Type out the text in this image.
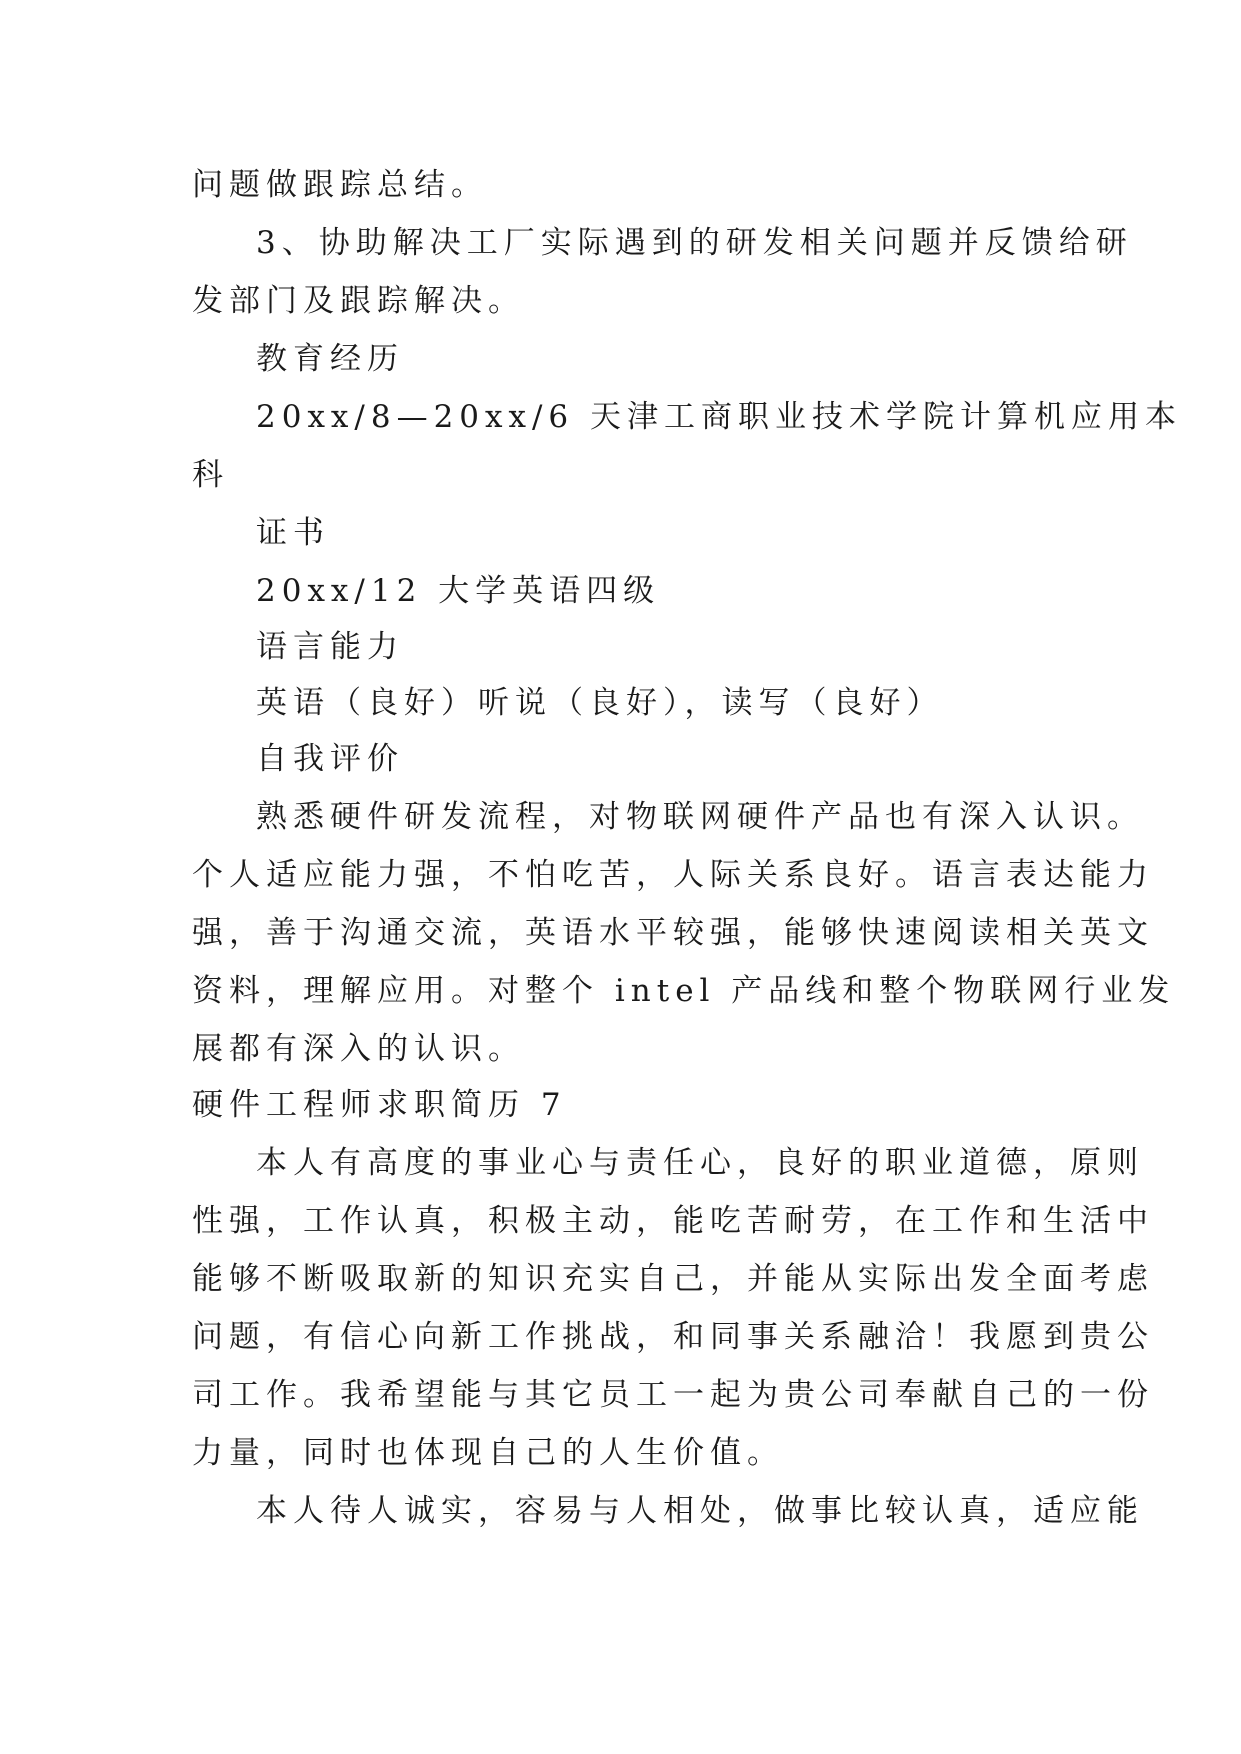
问题做跟踪总结。
3、协助解决工厂实际遇到的研发相关问题并反馈给研
发部门及跟踪解决。
教育经历
20xx/8—20xx/6 天津工商职业技术学院计算机应用本
科
证书
20xx/12 大学英语四级
语言能力
英语（良好）听说（良好），读写（良好）
自我评价
熟悉硬件研发流程，对物联网硬件产品也有深入认识。
个人适应能力强，不怕吃苦，人际关系良好。语言表达能力
强，善于沟通交流，英语水平较强，能够快速阅读相关英文
资料，理解应用。对整个 intel 产品线和整个物联网行业发
展都有深入的认识。
硬件工程师求职简历 7
本人有高度的事业心与责任心，良好的职业道德，原则
性强，工作认真，积极主动，能吃苦耐劳，在工作和生活中
能够不断吸取新的知识充实自己，并能从实际出发全面考虑
问题，有信心向新工作挑战，和同事关系融洽！我愿到贵公
司工作。我希望能与其它员工一起为贵公司奉献自己的一份
力量，同时也体现自己的人生价值。
本人待人诚实，容易与人相处，做事比较认真，适应能
